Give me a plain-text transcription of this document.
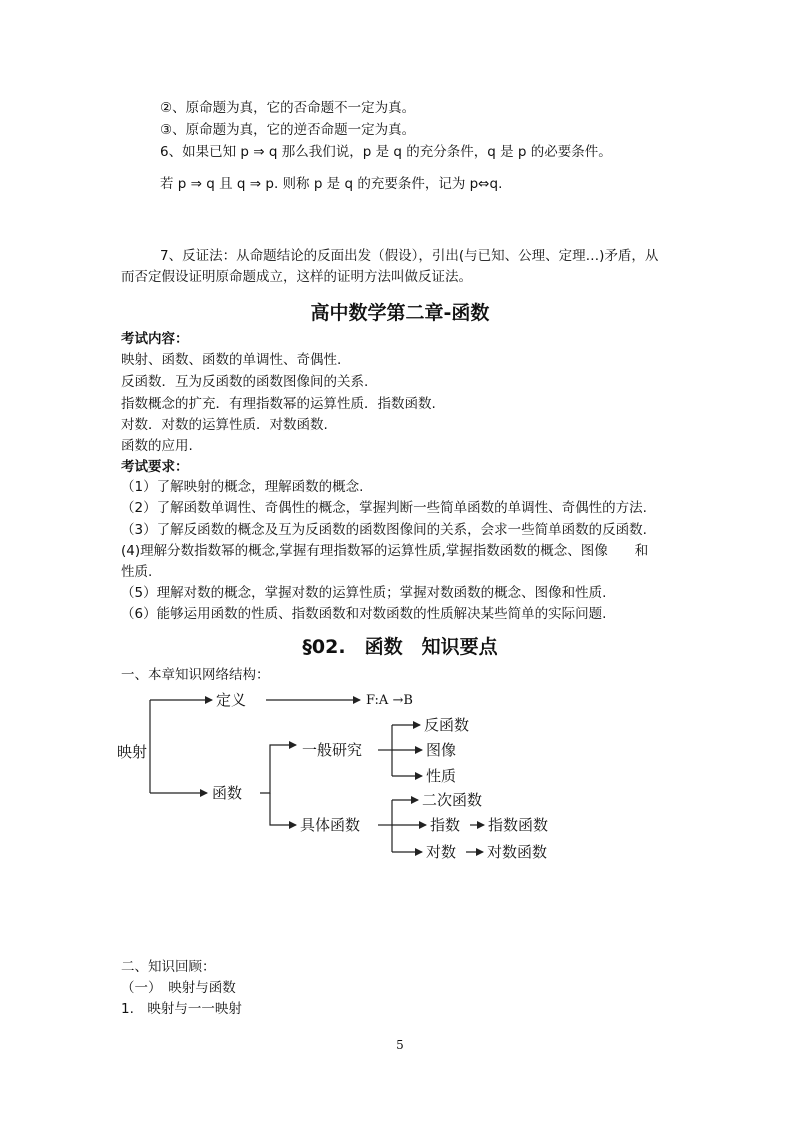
②、原命题为真，它的否命题不一定为真。
③、原命题为真，它的逆否命题一定为真。
6、如果已知 p ⇒ q 那么我们说，p 是 q 的充分条件，q 是 p 的必要条件。
若 p ⇒ q 且 q ⇒ p. 则称 p 是 q 的充要条件，记为 p⇔q.
7、反证法：从命题结论的反面出发（假设），引出(与已知、公理、定理…)矛盾，从
而否定假设证明原命题成立，这样的证明方法叫做反证法。
高中数学第二章-函数
考试内容：
映射、函数、函数的单调性、奇偶性.
反函数．互为反函数的函数图像间的关系.
指数概念的扩充．有理指数幂的运算性质．指数函数.
对数．对数的运算性质．对数函数.
函数的应用.
考试要求：
（1）了解映射的概念，理解函数的概念.
（2）了解函数单调性、奇偶性的概念，掌握判断一些简单函数的单调性、奇偶性的方法.
（3）了解反函数的概念及互为反函数的函数图像间的关系，会求一些简单函数的反函数.
(4)理解分数指数幂的概念,掌握有理指数幂的运算性质,掌握指数函数的概念、图像　　和
性质.
（5）理解对数的概念，掌握对数的运算性质；掌握对数函数的概念、图像和性质.
（6）能够运用函数的性质、指数函数和对数函数的性质解决某些简单的实际问题.
§02.　函数　知识要点
一、本章知识网络结构：
映射
定义	F:A →B
函数
一般研究
反函数
图像
性质
具体函数
二次函数
指数 指数函数
对数 对数函数
二、知识回顾：
（一）　映射与函数
1.　映射与一一映射
5
